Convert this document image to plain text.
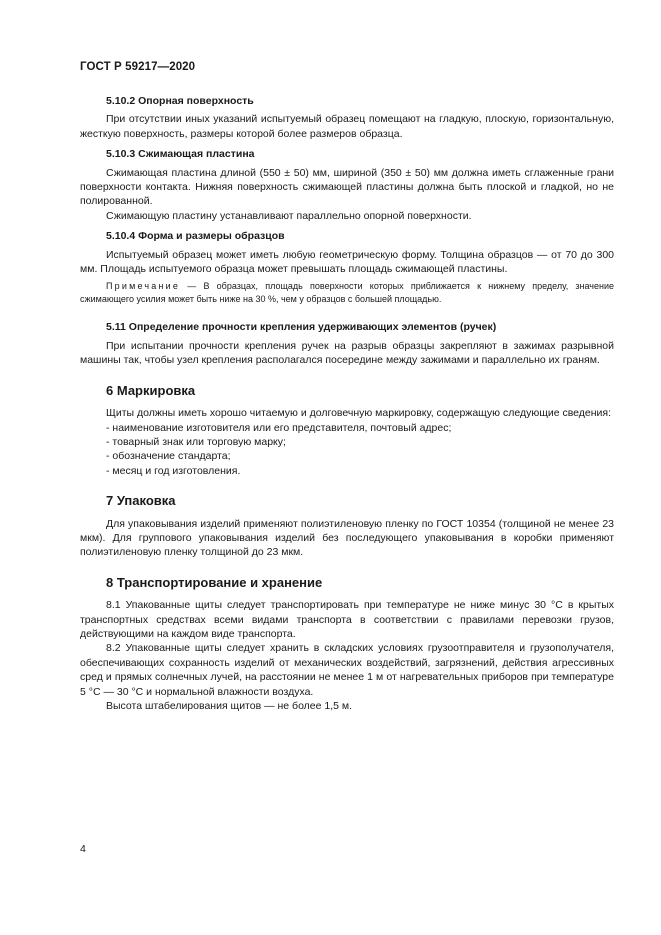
ГОСТ Р 59217—2020
5.10.2 Опорная поверхность

При отсутствии иных указаний испытуемый образец помещают на гладкую, плоскую, горизонтальную, жесткую поверхность, размеры которой более размеров образца.

5.10.3 Сжимающая пластина

Сжимающая пластина длиной (550 ± 50) мм, шириной (350 ± 50) мм должна иметь сглаженные грани поверхности контакта. Нижняя поверхность сжимающей пластины должна быть плоской и гладкой, но не полированной.

Сжимающую пластину устанавливают параллельно опорной поверхности.

5.10.4 Форма и размеры образцов

Испытуемый образец может иметь любую геометрическую форму. Толщина образцов — от 70 до 300 мм. Площадь испытуемого образца может превышать площадь сжимающей пластины.

Примечание — В образцах, площадь поверхности которых приближается к нижнему пределу, значение сжимающего усилия может быть ниже на 30 %, чем у образцов с большей площадью.

5.11 Определение прочности крепления удерживающих элементов (ручек)

При испытании прочности крепления ручек на разрыв образцы закрепляют в зажимах разрывной машины так, чтобы узел крепления располагался посередине между зажимами и параллельно их граням.

6 Маркировка

Щиты должны иметь хорошо читаемую и долговечную маркировку, содержащую следующие сведения:

- наименование изготовителя или его представителя, почтовый адрес;
- товарный знак или торговую марку;
- обозначение стандарта;
- месяц и год изготовления.
7 Упаковка

Для упаковывания изделий применяют полиэтиленовую пленку по ГОСТ 10354 (толщиной не менее 23 мкм). Для группового упаковывания изделий без последующего упаковывания в коробки применяют полиэтиленовую пленку толщиной до 23 мкм.

8 Транспортирование и хранение

8.1 Упакованные щиты следует транспортировать при температуре не ниже минус 30 °С в крытых транспортных средствах всеми видами транспорта в соответствии с правилами перевозки грузов, действующими на каждом виде транспорта.

8.2 Упакованные щиты следует хранить в складских условиях грузоотправителя и грузополучателя, обеспечивающих сохранность изделий от механических воздействий, загрязнений, действия агрессивных сред и прямых солнечных лучей, на расстоянии не менее 1 м от нагревательных приборов при температуре 5 °С — 30 °С и нормальной влажности воздуха.

Высота штабелирования щитов — не более 1,5 м.

4
